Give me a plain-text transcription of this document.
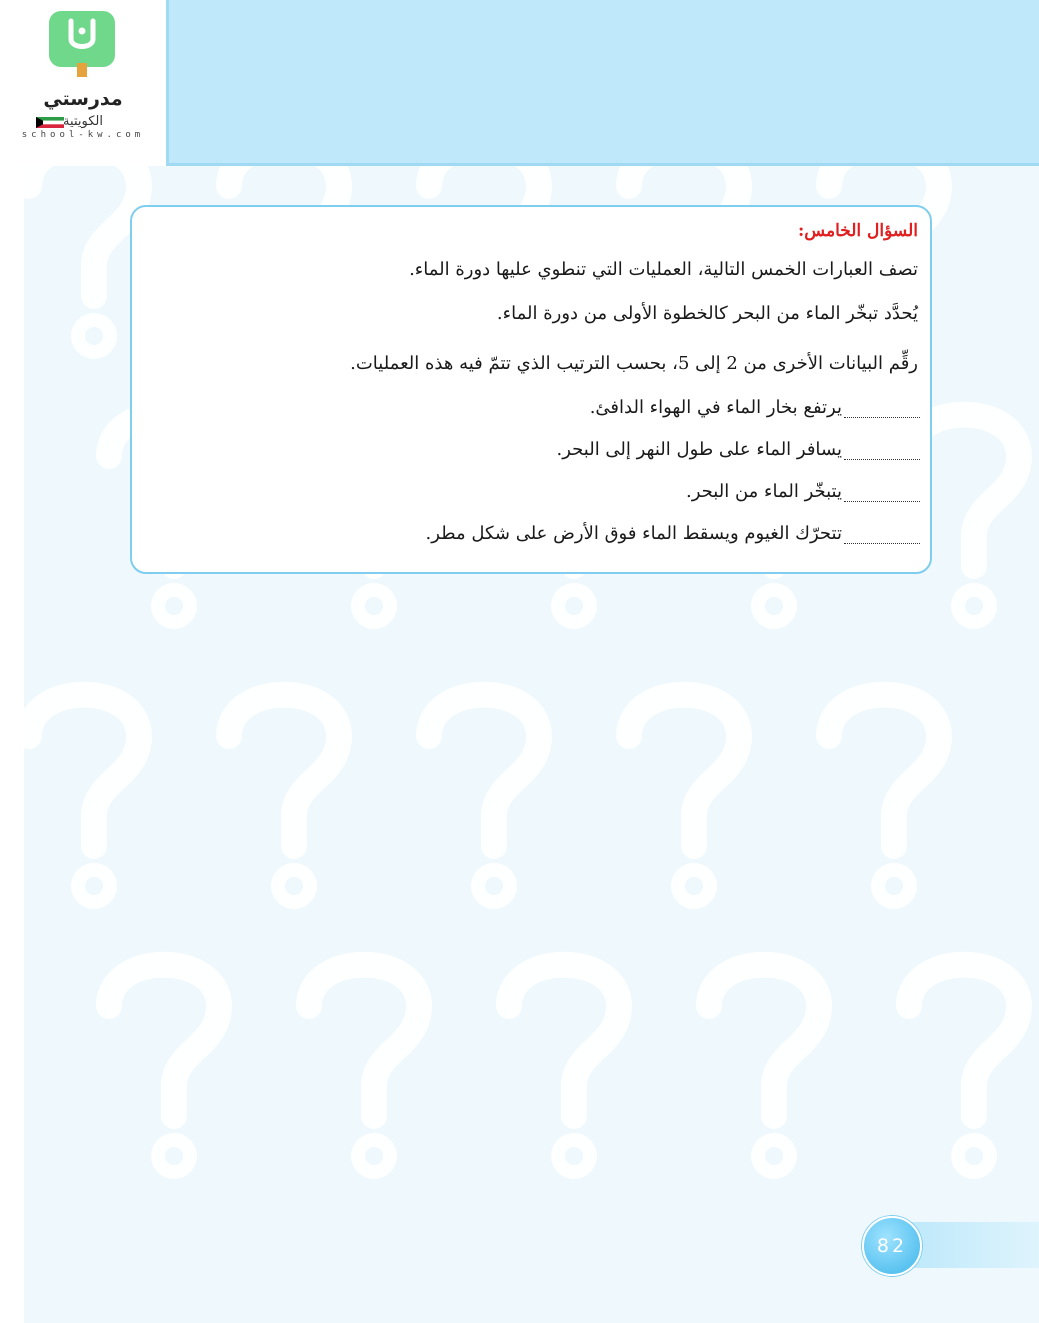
مدرستي
الكويتية
school-kw.com
السؤال الخامس:
تصف العبارات الخمس التالية، العمليات التي تنطوي عليها دورة الماء.
يُحدَّد تبخّر الماء من البحر كالخطوة الأولى من دورة الماء.
رقِّم البيانات الأخرى من 2 إلى 5، بحسب الترتيب الذي تتمّ فيه هذه العمليات.
يرتفع بخار الماء في الهواء الدافئ.
يسافر الماء على طول النهر إلى البحر.
يتبخّر الماء من البحر.
تتحرّك الغيوم ويسقط الماء فوق الأرض على شكل مطر.
82
